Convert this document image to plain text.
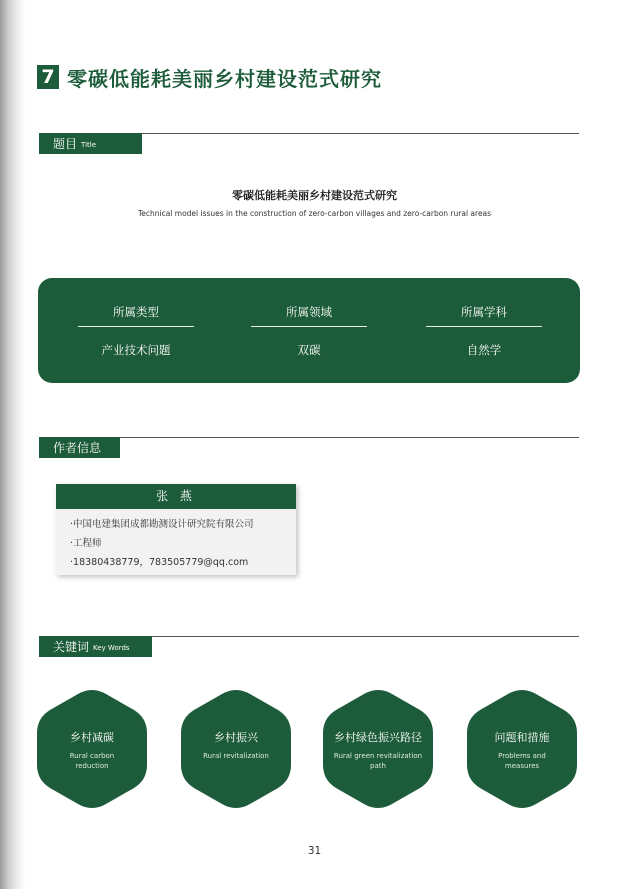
7 零碳低能耗美丽乡村建设范式研究
题目 Title
零碳低能耗美丽乡村建设范式研究
Technical model issues in the construction of zero-carbon villages and zero-carbon rural areas
所属类型
产业技术问题
所属领域
双碳
所属学科
自然学
作者信息
张 燕
·中国电建集团成都勘测设计研究院有限公司
·工程师
·18380438779，783505779@qq.com
关键词 Key Words
乡村减碳
Rural carbon reduction
乡村振兴
Rural revitalization
乡村绿色振兴路径
Rural green revitalization path
问题和措施
Problems and measures
31
